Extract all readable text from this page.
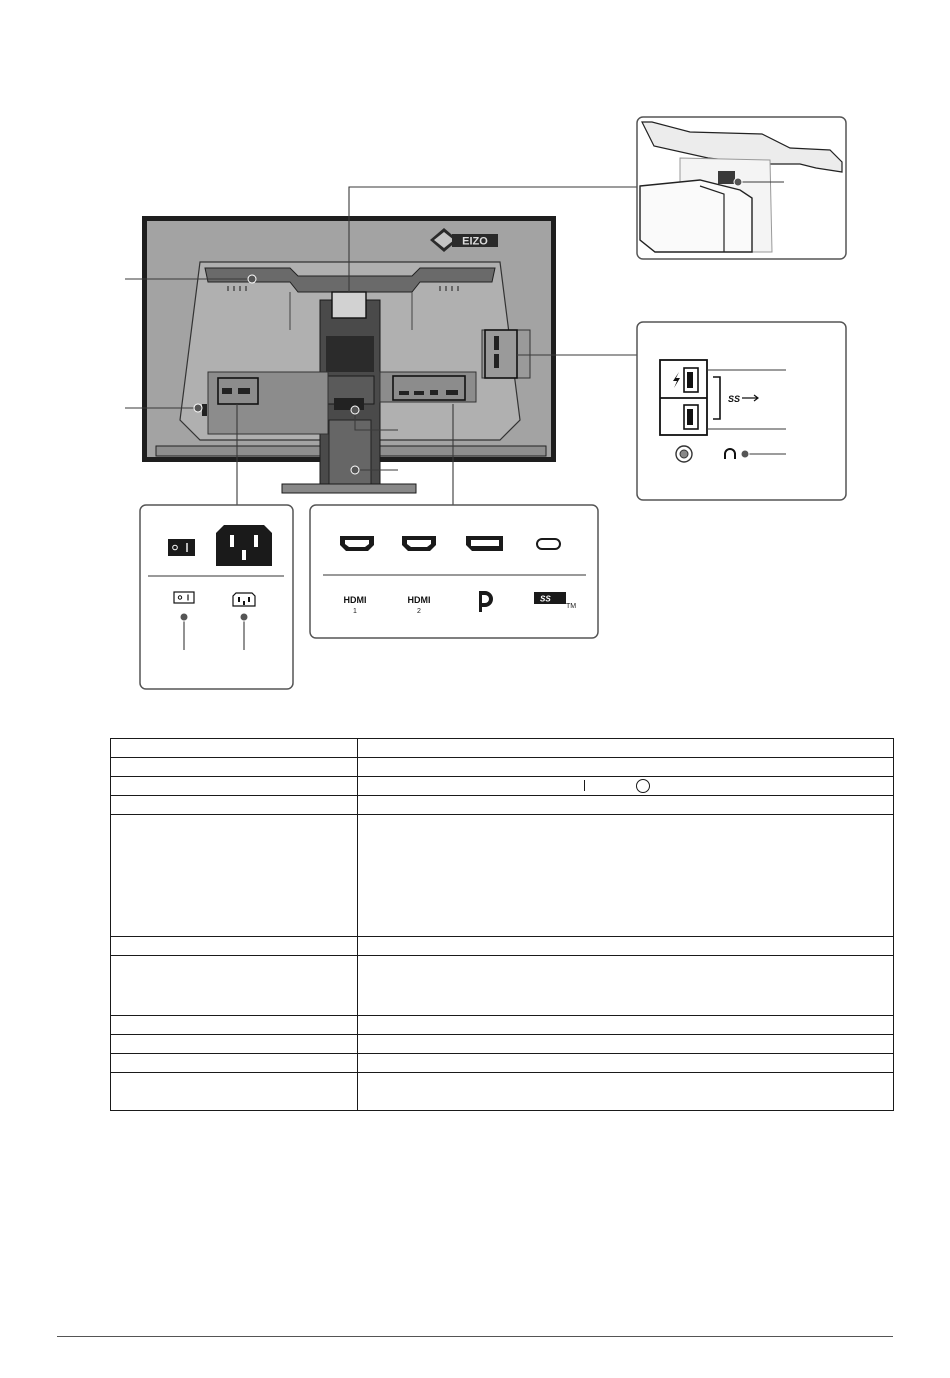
EIZO
SS
HDMI
1
HDMI
2
SS
TM
